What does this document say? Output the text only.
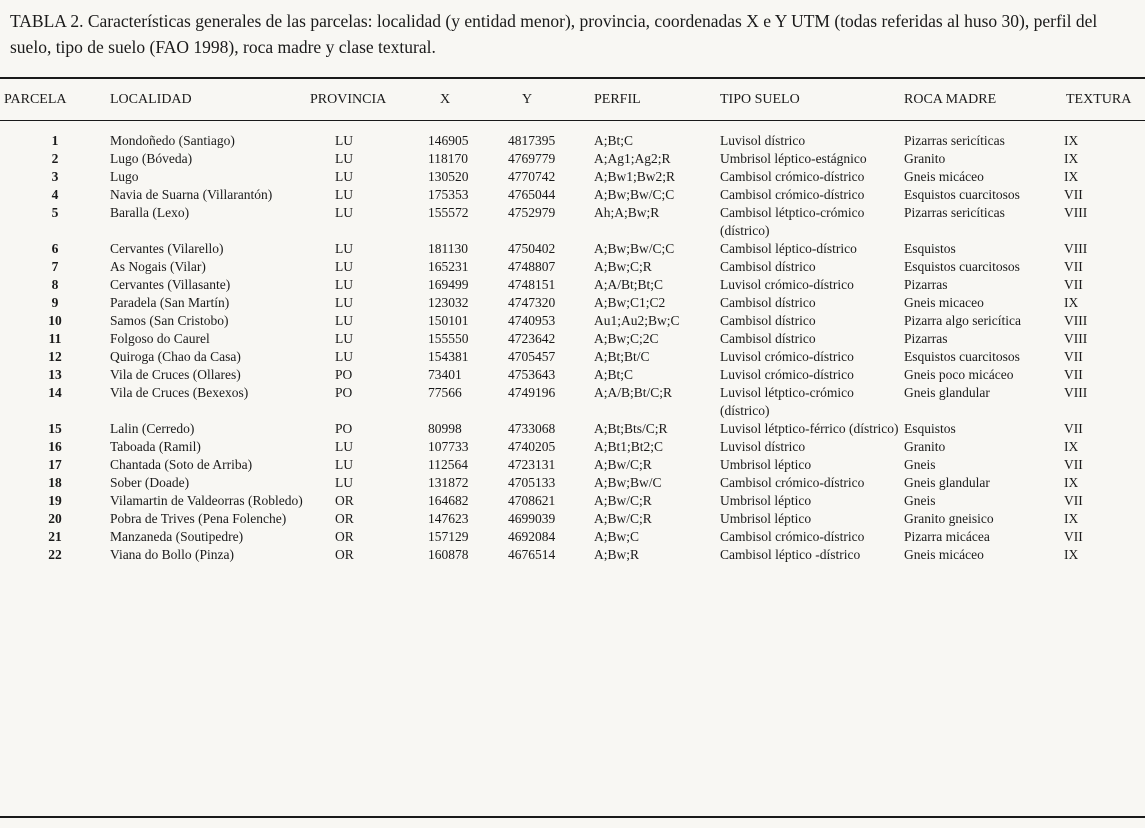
TABLA 2. Características generales de las parcelas: localidad (y entidad menor), provincia, coordenadas X e Y UTM (todas referidas al huso 30), perfil del suelo, tipo de suelo (FAO 1998), roca madre y clase textural.
PARCELA	LOCALIDAD	PROVINCIA	X	Y	PERFIL	TIPO SUELO	ROCA MADRE	TEXTURA
1	Mondoñedo (Santiago)	LU	146905	4817395	A;Bt;C	Luvisol dístrico	Pizarras sericíticas	IX
2	Lugo (Bóveda)	LU	118170	4769779	A;Ag1;Ag2;R	Umbrisol léptico-estágnico	Granito	IX
3	Lugo	LU	130520	4770742	A;Bw1;Bw2;R	Cambisol crómico-dístrico	Gneis micáceo	IX
4	Navia de Suarna (Villarantón)	LU	175353	4765044	A;Bw;Bw/C;C	Cambisol crómico-dístrico	Esquistos cuarcitosos	VII
5	Baralla (Lexo)	LU	155572	4752979	Ah;A;Bw;R	Cambisol létptico-crómico (dístrico)	Pizarras sericíticas	VIII
6	Cervantes (Vilarello)	LU	181130	4750402	A;Bw;Bw/C;C	Cambisol léptico-dístrico	Esquistos	VIII
7	As Nogais (Vilar)	LU	165231	4748807	A;Bw;C;R	Cambisol dístrico	Esquistos cuarcitosos	VII
8	Cervantes (Villasante)	LU	169499	4748151	A;A/Bt;Bt;C	Luvisol crómico-dístrico	Pizarras	VII
9	Paradela (San Martín)	LU	123032	4747320	A;Bw;C1;C2	Cambisol dístrico	Gneis micaceo	IX
10	Samos (San Cristobo)	LU	150101	4740953	Au1;Au2;Bw;C	Cambisol dístrico	Pizarra algo sericítica	VIII
11	Folgoso do Caurel	LU	155550	4723642	A;Bw;C;2C	Cambisol dístrico	Pizarras	VIII
12	Quiroga (Chao da Casa)	LU	154381	4705457	A;Bt;Bt/C	Luvisol crómico-dístrico	Esquistos cuarcitosos	VII
13	Vila de Cruces (Ollares)	PO	73401	4753643	A;Bt;C	Luvisol crómico-dístrico	Gneis poco micáceo	VII
14	Vila de Cruces (Bexexos)	PO	77566	4749196	A;A/B;Bt/C;R	Luvisol létptico-crómico (dístrico)	Gneis glandular	VIII
15	Lalin (Cerredo)	PO	80998	4733068	A;Bt;Bts/C;R	Luvisol létptico-férrico (dístrico)	Esquistos	VII
16	Taboada (Ramil)	LU	107733	4740205	A;Bt1;Bt2;C	Luvisol dístrico	Granito	IX
17	Chantada (Soto de Arriba)	LU	112564	4723131	A;Bw/C;R	Umbrisol léptico	Gneis	VII
18	Sober (Doade)	LU	131872	4705133	A;Bw;Bw/C	Cambisol crómico-dístrico	Gneis glandular	IX
19	Vilamartin de Valdeorras (Robledo)	OR	164682	4708621	A;Bw/C;R	Umbrisol léptico	Gneis	VII
20	Pobra de Trives (Pena Folenche)	OR	147623	4699039	A;Bw/C;R	Umbrisol léptico	Granito gneisico	IX
21	Manzaneda (Soutipedre)	OR	157129	4692084	A;Bw;C	Cambisol crómico-dístrico	Pizarra micácea	VII
22	Viana do Bollo (Pinza)	OR	160878	4676514	A;Bw;R	Cambisol léptico -dístrico	Gneis micáceo	IX
